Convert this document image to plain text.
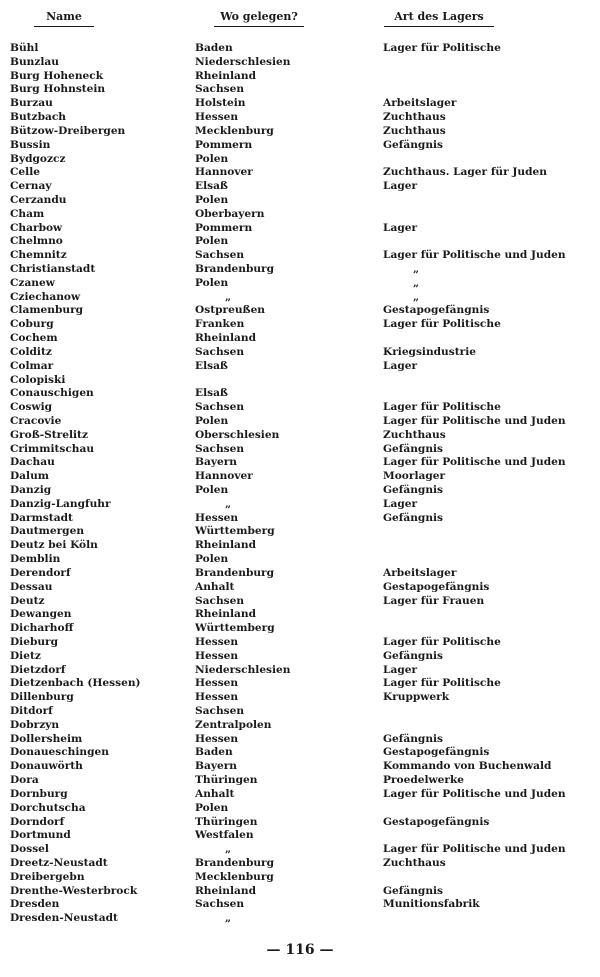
Name	Wo gelegen?	Art des Lagers
Bühl
Bunzlau
Burg Hoheneck
Burg Hohnstein
Burzau
Butzbach
Bützow-Dreibergen
Bussin
Bydgozcz
Celle
Cernay
Cerzandu
Cham
Charbow
Chelmno
Chemnitz
Christianstadt
Czanew
Cziechanow
Clamenburg
Coburg
Cochem
Colditz
Colmar
Colopiski
Conauschigen
Coswig
Cracovie
Groß-Strelitz
Crimmitschau
Dachau
Dalum
Danzig
Danzig-Langfuhr
Darmstadt
Dautmergen
Deutz bei Köln
Demblin
Derendorf
Dessau
Deutz
Dewangen
Dicharhoff
Dieburg
Dietz
Dietzdorf
Dietzenbach (Hessen)
Dillenburg
Ditdorf
Dobrzyn
Dollersheim
Donaueschingen
Donauwörth
Dora
Dornburg
Dorchutscha
Dorndorf
Dortmund
Dossel
Dreetz-Neustadt
Dreibergebn
Drenthe-Westerbrock
Dresden
Dresden-Neustadt
Baden
Niederschlesien
Rheinland
Sachsen
Holstein
Hessen
Mecklenburg
Pommern
Polen
Hannover
Elsaß
Polen
Oberbayern
Pommern
Polen
Sachsen
Brandenburg
Polen
„
Ostpreußen
Franken
Rheinland
Sachsen
Elsaß
Elsaß
Sachsen
Polen
Oberschlesien
Sachsen
Bayern
Hannover
Polen
„
Hessen
Württemberg
Rheinland
Polen
Brandenburg
Anhalt
Sachsen
Rheinland
Württemberg
Hessen
Hessen
Niederschlesien
Hessen
Hessen
Sachsen
Zentralpolen
Hessen
Baden
Bayern
Thüringen
Anhalt
Polen
Thüringen
Westfalen
„
Brandenburg
Mecklenburg
Rheinland
Sachsen
„
Lager für Politische
Arbeitslager
Zuchthaus
Zuchthaus
Gefängnis
Zuchthaus. Lager für Juden
Lager
Lager
Lager für Politische und Juden
„
„
„
Gestapogefängnis
Lager für Politische
Kriegsindustrie
Lager
Lager für Politische
Lager für Politische und Juden
Zuchthaus
Gefängnis
Lager für Politische und Juden
Moorlager
Gefängnis
Lager
Gefängnis
Arbeitslager
Gestapogefängnis
Lager für Frauen
Lager für Politische
Gefängnis
Lager
Lager für Politische
Kruppwerk
Gefängnis
Gestapogefängnis
Kommando von Buchenwald
Proedelwerke
Lager für Politische und Juden
Gestapogefängnis
Lager für Politische und Juden
Zuchthaus
Gefängnis
Munitionsfabrik
— 116 —
